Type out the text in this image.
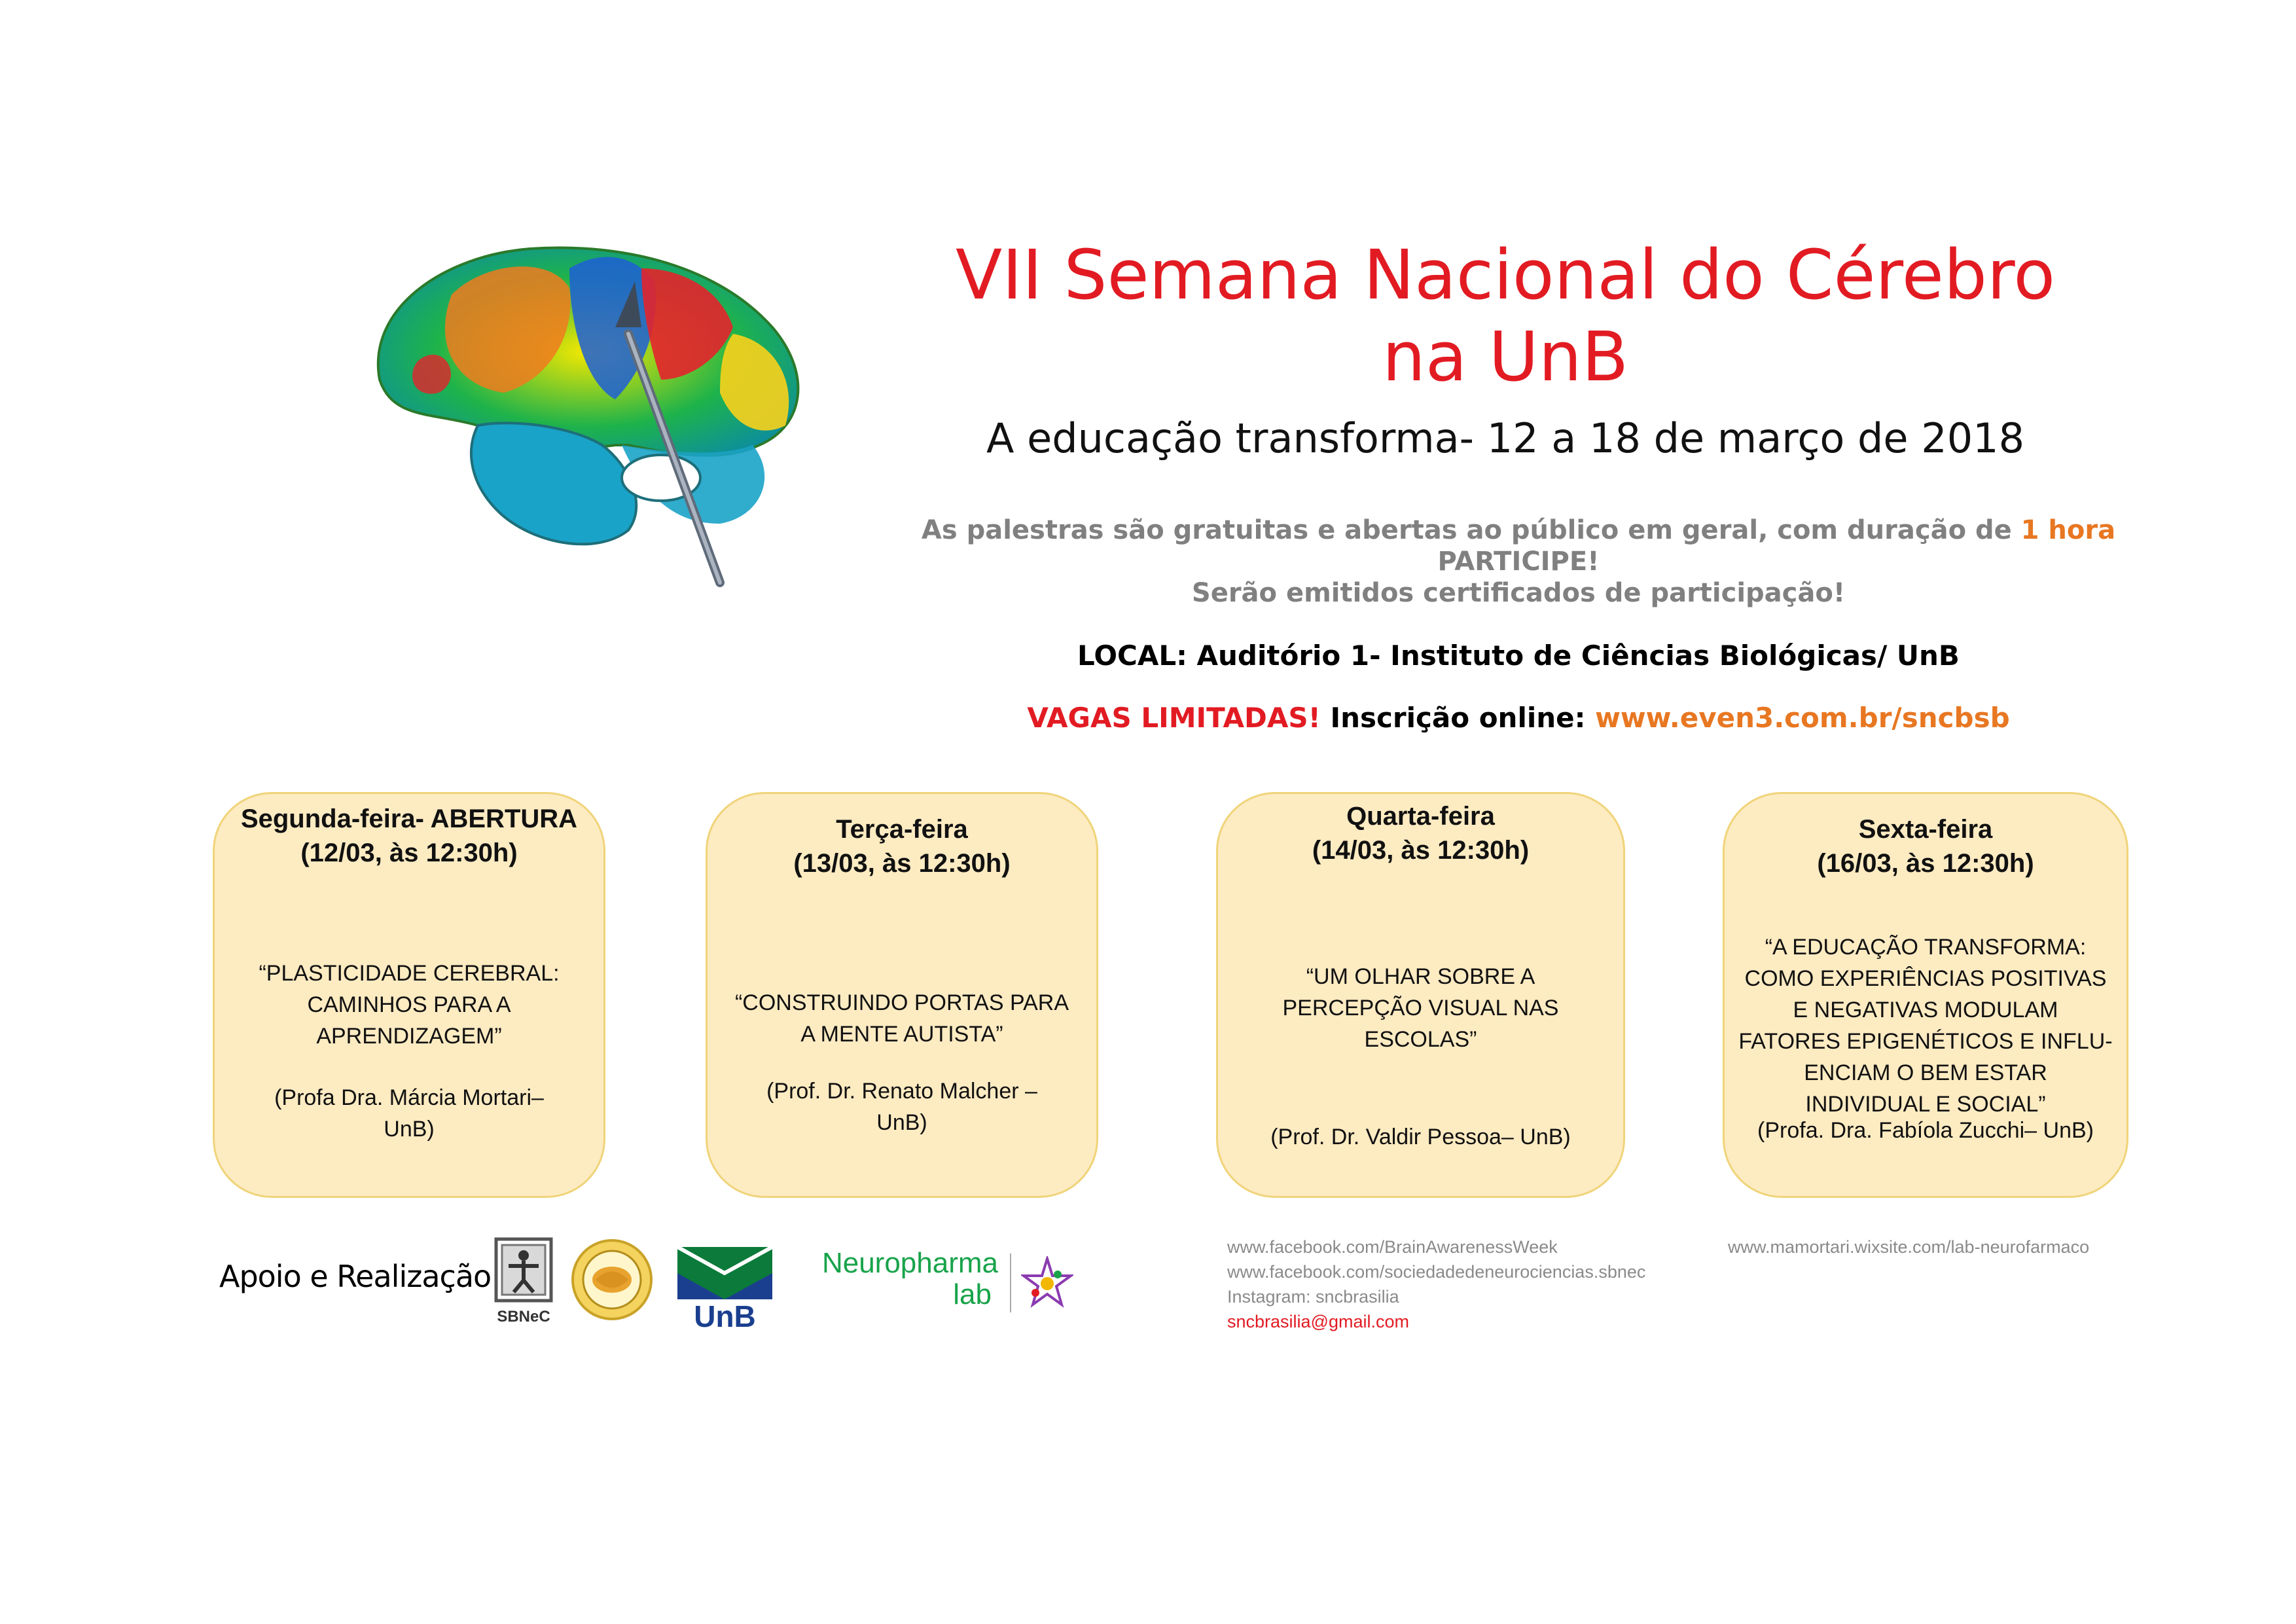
VII Semana Nacional do Cérebro
na UnB
A educação transforma- 12 a 18 de março de 2018
As palestras são gratuitas e abertas ao público em geral, com duração de 1 hora
PARTICIPE!
Serão emitidos certificados de participação!
LOCAL: Auditório 1- Instituto de Ciências Biológicas/ UnB
VAGAS LIMITADAS! Inscrição online: www.even3.com.br/sncbsb
Segunda-feira- ABERTURA
(12/03, às 12:30h)
“PLASTICIDADE CEREBRAL:
CAMINHOS PARA A
APRENDIZAGEM”
(Profa Dra. Márcia Mortari–
UnB)
Terça-feira
(13/03, às 12:30h)
“CONSTRUINDO PORTAS PARA
A MENTE AUTISTA”
(Prof. Dr. Renato Malcher –
UnB)
Quarta-feira
(14/03, às 12:30h)
“UM OLHAR SOBRE A
PERCEPÇÃO VISUAL NAS
ESCOLAS”
(Prof. Dr. Valdir Pessoa– UnB)
Sexta-feira
(16/03, às 12:30h)
“A EDUCAÇÃO TRANSFORMA:
COMO EXPERIÊNCIAS POSITIVAS
E NEGATIVAS MODULAM
FATORES EPIGENÉTICOS E INFLU-
ENCIAM O BEM ESTAR
INDIVIDUAL E SOCIAL”
(Profa. Dra. Fabíola Zucchi– UnB)
Apoio e Realização
SBNeC	UnB
Neuropharma
lab
www.facebook.com/BrainAwarenessWeek
www.facebook.com/sociedadedeneurociencias.sbnec
Instagram: sncbrasilia
sncbrasilia@gmail.com
www.mamortari.wixsite.com/lab-neurofarmaco
